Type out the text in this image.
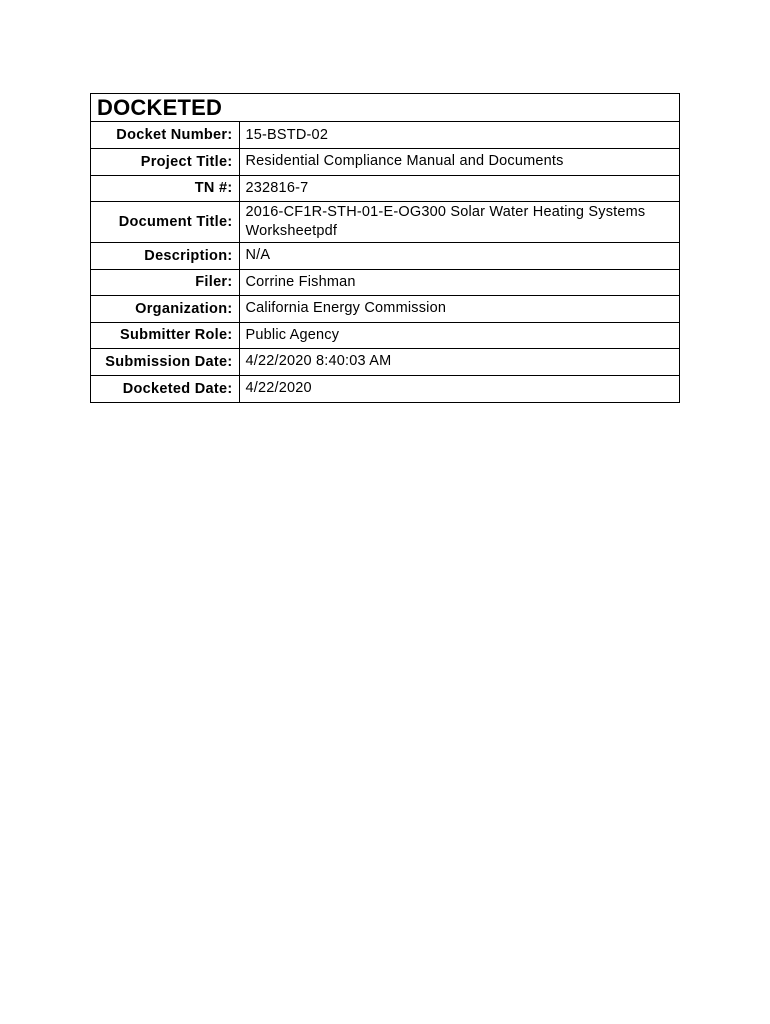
DOCKETED
Docket Number:	15-BSTD-02
Project Title:	Residential Compliance Manual and Documents
TN #:	232816-7
Document Title:	2016-CF1R-STH-01-E-OG300 Solar Water Heating Systems Worksheetpdf
Description:	N/A
Filer:	Corrine Fishman
Organization:	California Energy Commission
Submitter Role:	Public Agency
Submission Date:	4/22/2020 8:40:03 AM
Docketed Date:	4/22/2020
